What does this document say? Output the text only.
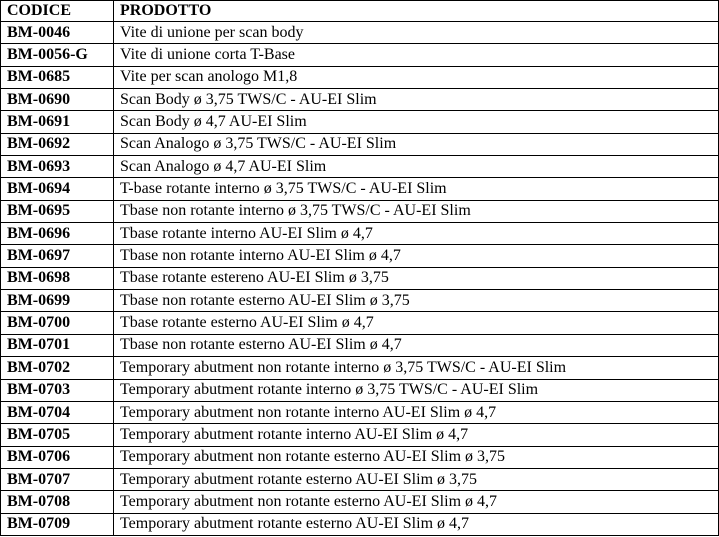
CODICE	PRODOTTO
BM-0046	Vite di unione per scan body
BM-0056-G	Vite di unione corta T-Base
BM-0685	Vite per scan anologo M1,8
BM-0690	Scan Body ø 3,75 TWS/C - AU-EI Slim
BM-0691	Scan Body ø 4,7 AU-EI Slim
BM-0692	Scan Analogo ø 3,75 TWS/C - AU-EI Slim
BM-0693	Scan Analogo ø 4,7 AU-EI Slim
BM-0694	T-base rotante interno ø 3,75 TWS/C - AU-EI Slim
BM-0695	Tbase non rotante interno ø 3,75 TWS/C - AU-EI Slim
BM-0696	Tbase rotante interno AU-EI Slim ø 4,7
BM-0697	Tbase non rotante interno AU-EI Slim ø 4,7
BM-0698	Tbase rotante estereno AU-EI Slim ø 3,75
BM-0699	Tbase non rotante esterno AU-EI Slim ø 3,75
BM-0700	Tbase rotante esterno AU-EI Slim ø 4,7
BM-0701	Tbase non rotante esterno AU-EI Slim ø 4,7
BM-0702	Temporary abutment non rotante interno ø 3,75 TWS/C - AU-EI Slim
BM-0703	Temporary abutment rotante interno ø 3,75 TWS/C - AU-EI Slim
BM-0704	Temporary abutment non rotante interno AU-EI Slim ø 4,7
BM-0705	Temporary abutment rotante interno AU-EI Slim ø 4,7
BM-0706	Temporary abutment non rotante esterno AU-EI Slim ø 3,75
BM-0707	Temporary abutment rotante esterno AU-EI Slim ø 3,75
BM-0708	Temporary abutment non rotante esterno AU-EI Slim ø 4,7
BM-0709	Temporary abutment rotante esterno AU-EI Slim ø 4,7
